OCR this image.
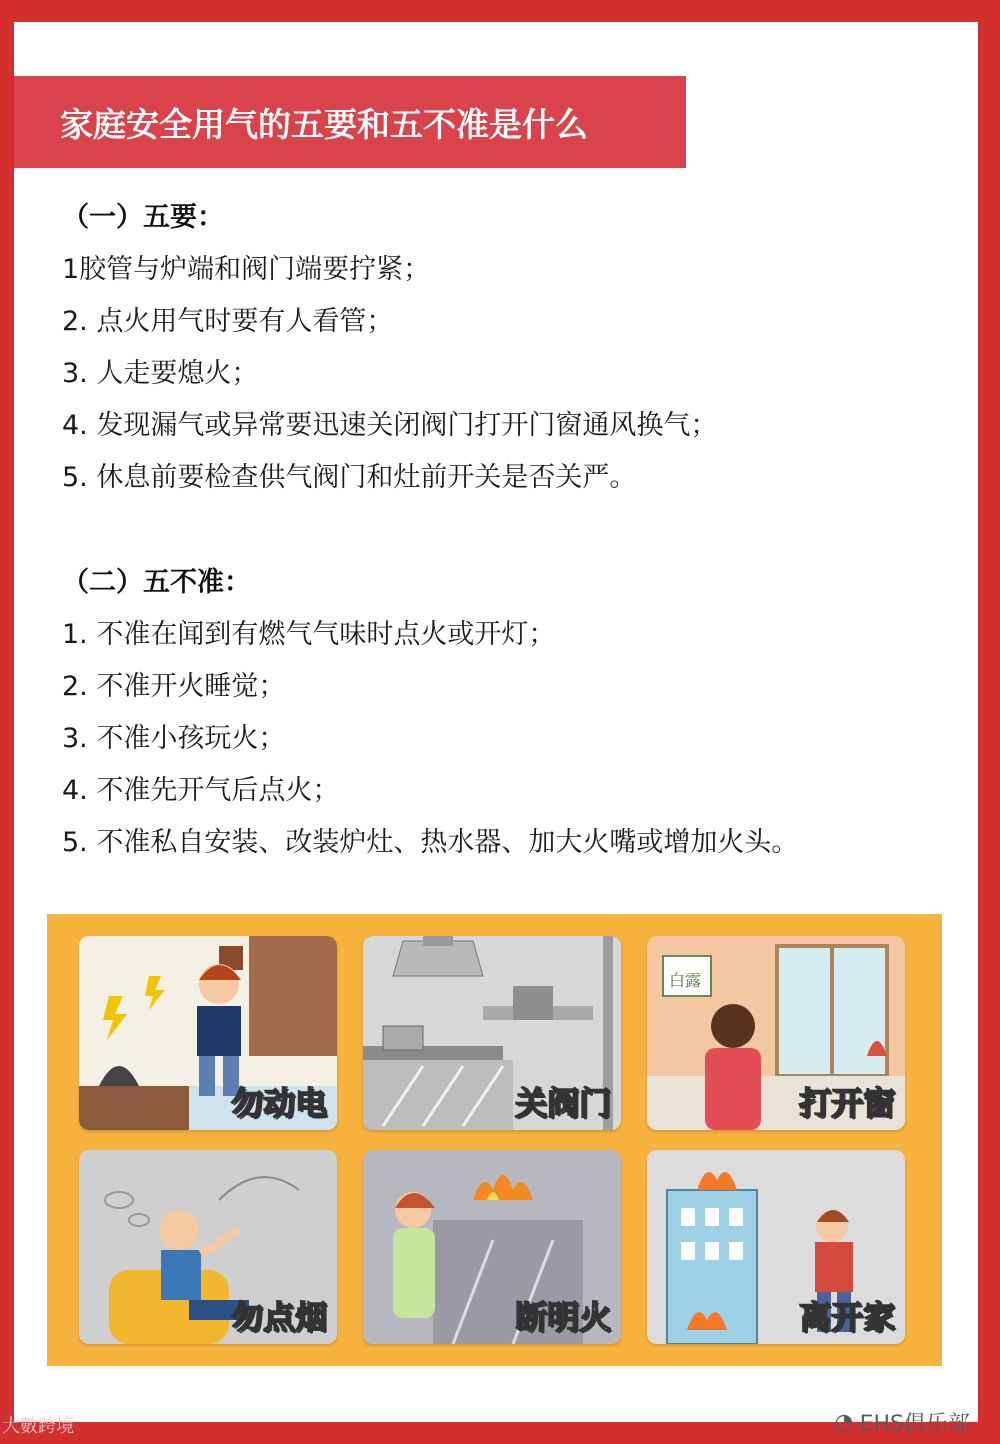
家庭安全用气的五要和五不准是什么
（一）五要：
1胶管与炉端和阀门端要拧紧；
2. 点火用气时要有人看管；
3. 人走要熄火；
4. 发现漏气或异常要迅速关闭阀门打开门窗通风换气；
5. 休息前要检查供气阀门和灶前开关是否关严。
（二）五不准：
1. 不准在闻到有燃气气味时点火或开灯；
2. 不准开火睡觉；
3. 不准小孩玩火；
4. 不准先开气后点火；
5. 不准私自安装、改装炉灶、热水器、加大火嘴或增加火头。
勿动电	关阀门
白露
打开窗
勿点烟	断明火	离开家
大數跨境	◔ EHS俱乐部
